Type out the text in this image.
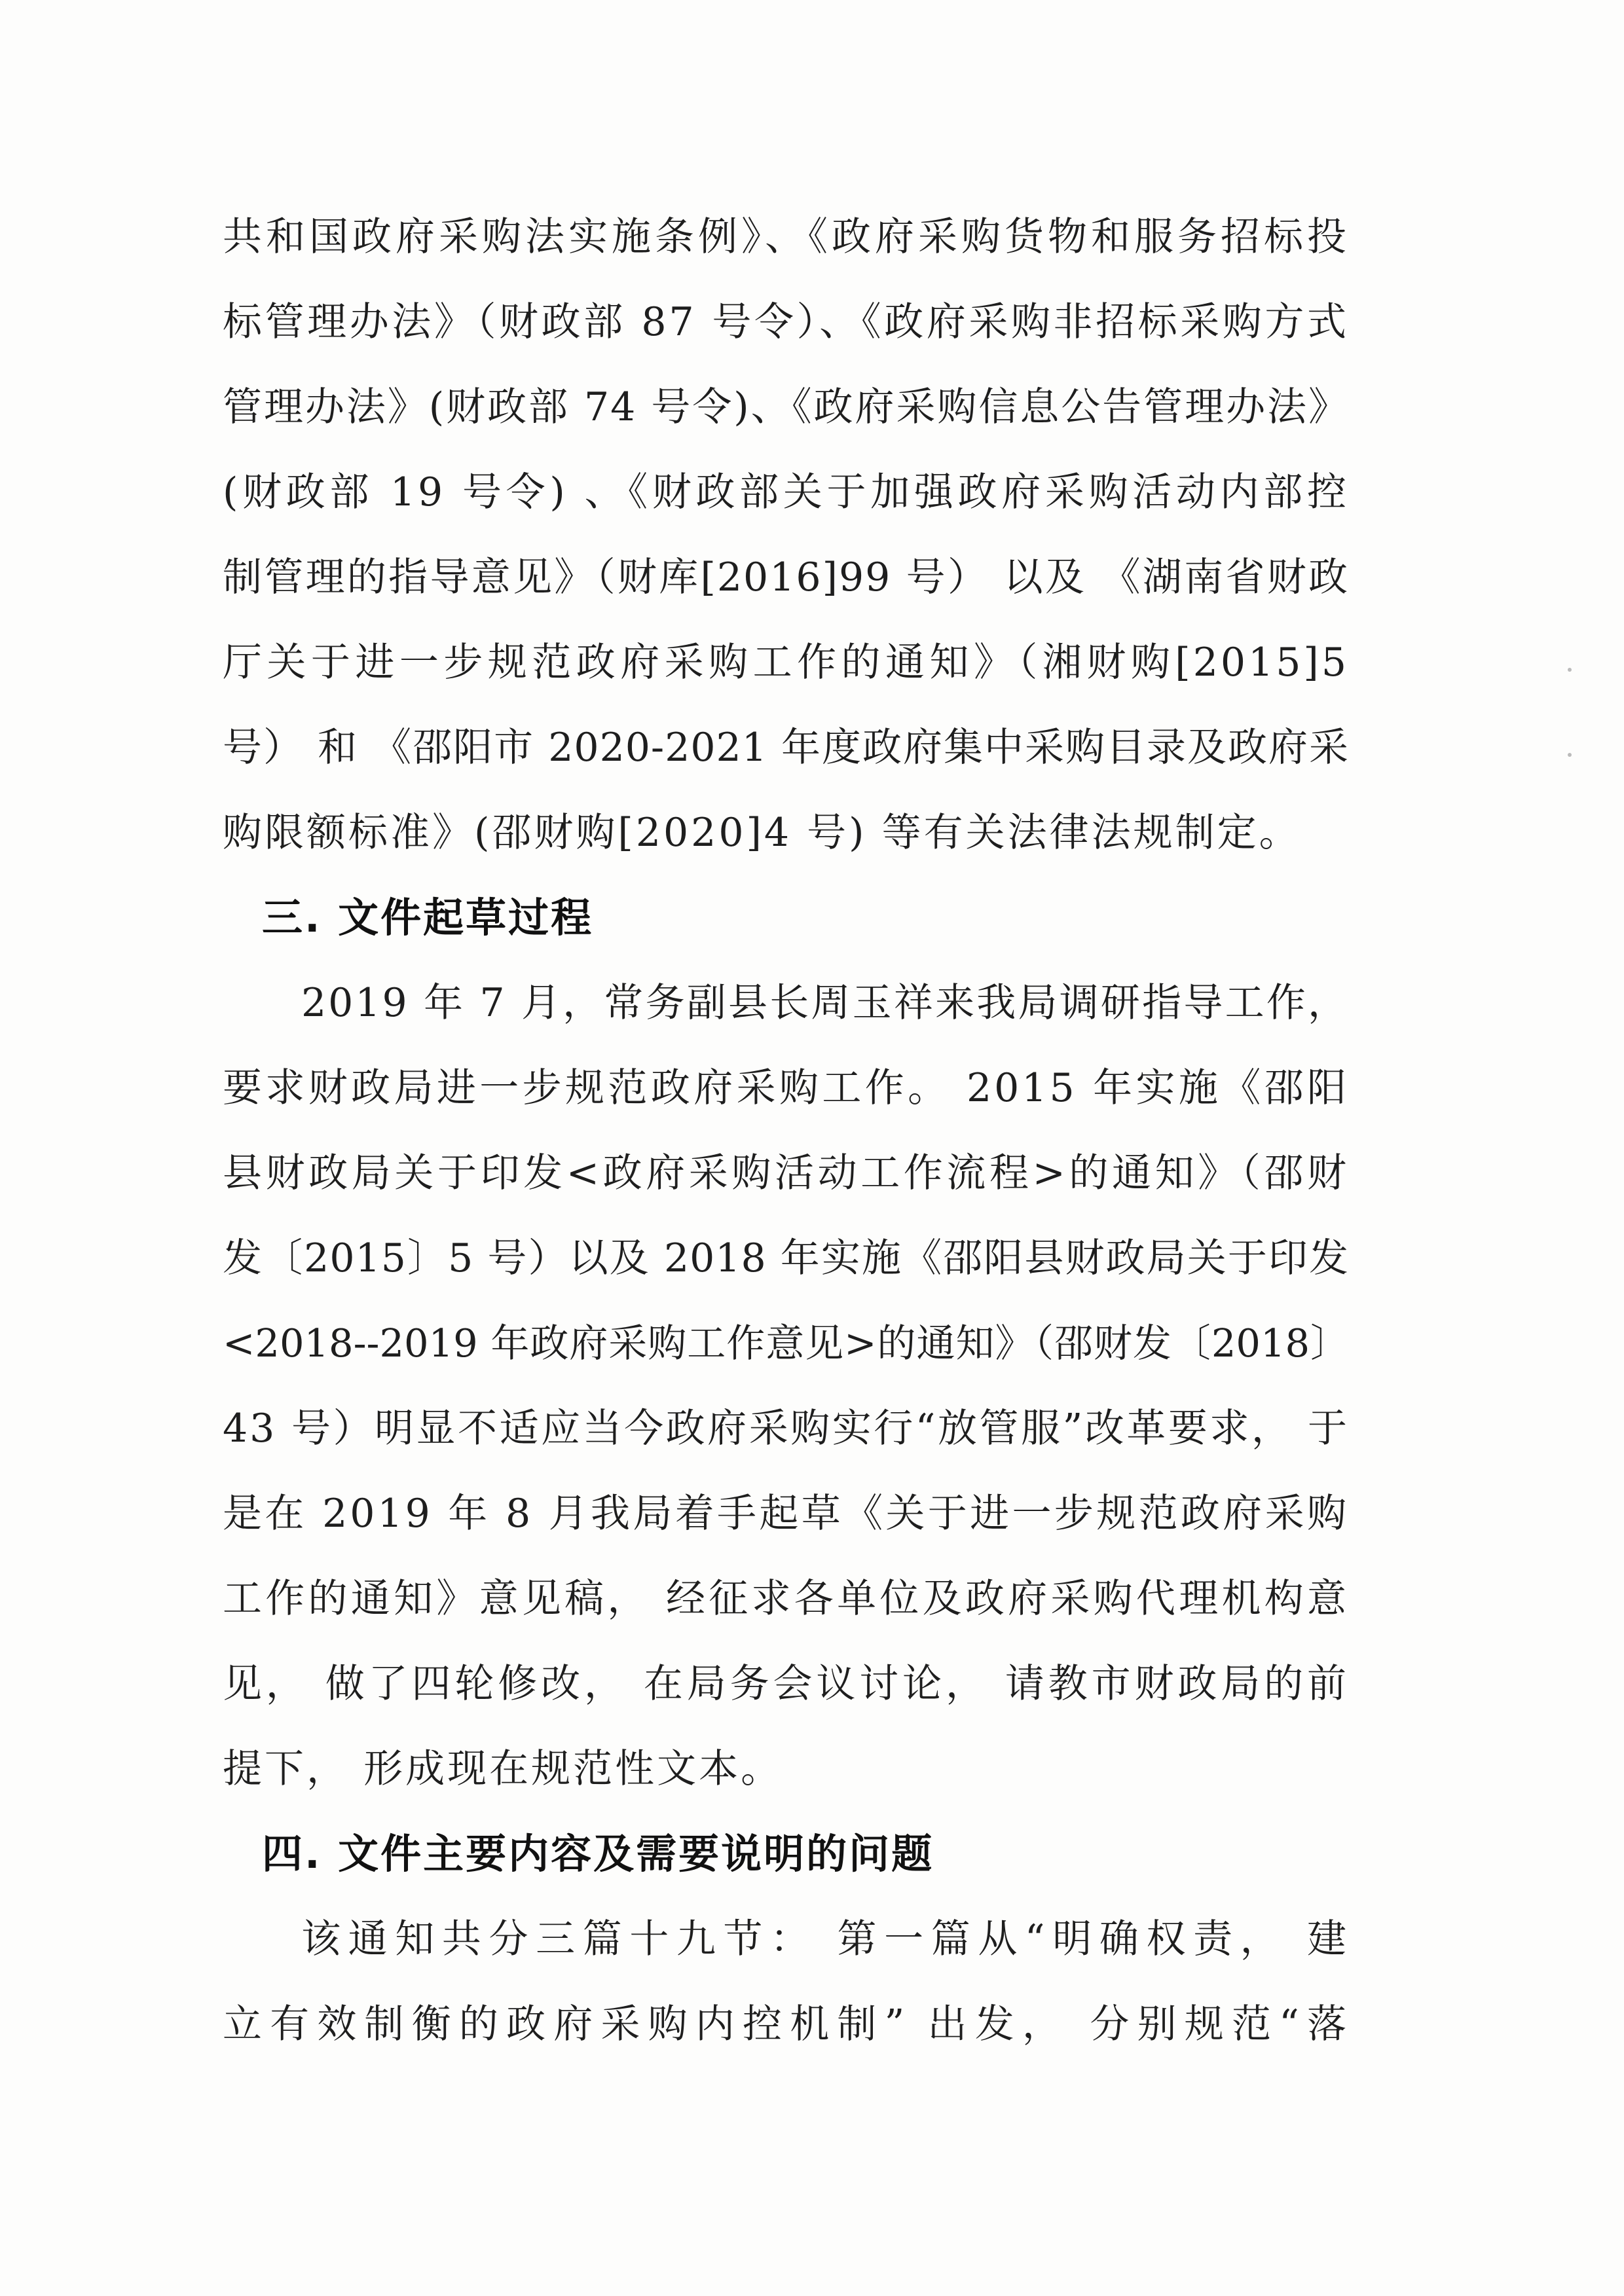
共和国政府采购法实施条例》、《政府采购货物和服务招标投
标管理办法》（财政部 87 号令）、《政府采购非招标采购方式
管理办法》(财政部 74 号令)、《政府采购信息公告管理办法》
(财政部 19 号令) 、《财政部关于加强政府采购活动内部控
制管理的指导意见》（财库[2016]99 号） 以及 《湖南省财政
厅关于进一步规范政府采购工作的通知》（湘财购[2015]5
号） 和 《邵阳市 2020-2021 年度政府集中采购目录及政府采
购限额标准》(邵财购[2020]4 号) 等有关法律法规制定。
三. 文件起草过程
2019 年 7 月，常务副县长周玉祥来我局调研指导工作，
要求财政局进一步规范政府采购工作。 2015 年实施《邵阳
县财政局关于印发<政府采购活动工作流程>的通知》（邵财
发〔2015〕5 号）以及 2018 年实施《邵阳县财政局关于印发
<2018--2019 年政府采购工作意见>的通知》（邵财发〔2018〕
43 号）明显不适应当今政府采购实行“放管服”改革要求， 于
是在 2019 年 8 月我局着手起草《关于进一步规范政府采购
工作的通知》意见稿， 经征求各单位及政府采购代理机构意
见， 做了四轮修改， 在局务会议讨论， 请教市财政局的前
提下， 形成现在规范性文本。
四. 文件主要内容及需要说明的问题
该通知共分三篇十九节： 第一篇从“明确权责， 建
立有效制衡的政府采购内控机制” 出发， 分别规范“落
